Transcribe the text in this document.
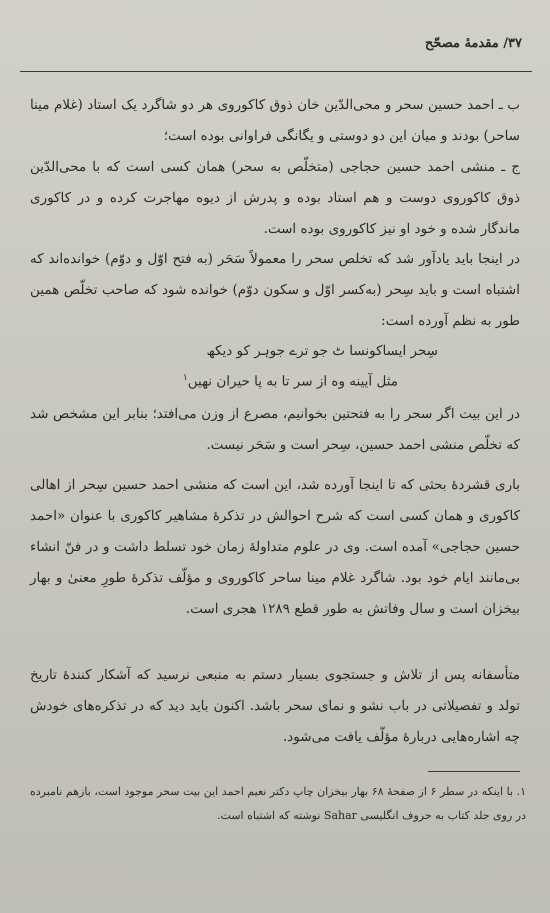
۳۷/ مقدمهٔ مصحّح
ب ـ احمد حسین سحر و محی‌الدّین خان ذوق کاکوروی هر دو شاگرد یک استاد (غلام مینا ساحر) بودند و میان این دو دوستی و یگانگی فراوانی بوده است؛
ج ـ منشی احمد حسین حجاجی (متخلّص به سحر) همان کسی است که با محی‌الدّین ذوق کاکوروی دوست و هم استاد بوده و پدرش از دیوه مهاجرت کرده و در کاکوری ماندگار شده و خود او نیز کاکوروی بوده است.
در اینجا باید یادآور شد که تخلص سحر را معمولاً سَحَر (به فتح اوّل و دوّم) خوانده‌اند که اشتباه است و باید سِحر (به‌کسر اوّل و سکون دوّم) خوانده شود که صاحب تخلّص همین طور به نظم آورده است:
سِحر ایساکونسا ٹ جو ترے جوہر کو دیکھ
مثل آیینه وه از سر تا به پا حیران نهیں$^۱$
در این بیت اگر سحر را به فتحتین بخوانیم، مصرع از وزن می‌افتد؛ بنابر این مشخص شد که تخلّص منشی احمد حسین، سِحر است و سَحَر نیست.
باری قشردهٔ بحثی که تا اینجا آورده شد، این است که منشی احمد حسین سِحر از اهالی کاکوری و همان کسی است که شرح احوالش در تذکرهٔ مشاهیر کاکوری با عنوان «احمد حسین حجاجی» آمده است. وی در علوم متداولهٔ زمان خود تسلط داشت و در فنّ انشاء بی‌مانند ایام خود بود. شاگرد غلام مینا ساحر کاکوروی و مؤلّف تذکرهٔ طورِ معنیٰ و بهار بیخزان است و سال وفاتش به طور قطع ۱۲۸۹ هجری است.
متأسفانه پس از تلاش و جستجوی بسیار دستم به منبعی نرسید که آشکار کنندهٔ تاریخ تولد و تفصیلاتی در باب نشو و نمای سحر باشد. اکنون باید دید که در تذکره‌های خودش چه اشاره‌هایی دربارهٔ مؤلّف یافت می‌شود.
۱. با اینکه در سطر ۶ از صفحهٔ ۶۸ بهار بیخزان چاپ دکتر نعیم احمد این بیت سحر موجود است، بازهم نامبرده در روی جلد کتاب به حروف انگلیسی Sahar نوشته که اشتباه است.
